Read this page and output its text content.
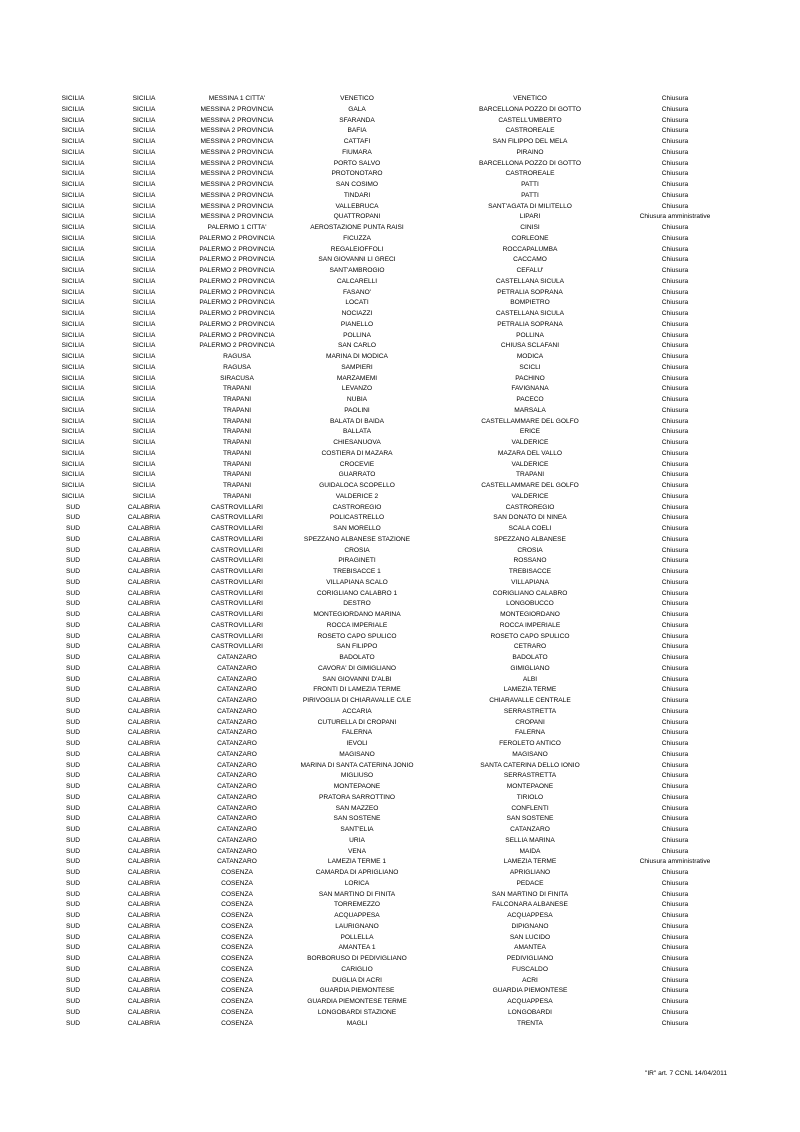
SICILIA	SICILIA	MESSINA 1 CITTA'	VENETICO	VENETICO	Chiusura
SICILIA	SICILIA	MESSINA 2 PROVINCIA	GALA	BARCELLONA POZZO DI GOTTO	Chiusura
SICILIA	SICILIA	MESSINA 2 PROVINCIA	SFARANDA	CASTELL'UMBERTO	Chiusura
SICILIA	SICILIA	MESSINA 2 PROVINCIA	BAFIA	CASTROREALE	Chiusura
SICILIA	SICILIA	MESSINA 2 PROVINCIA	CATTAFI	SAN FILIPPO DEL MELA	Chiusura
SICILIA	SICILIA	MESSINA 2 PROVINCIA	FIUMARA	PIRAINO	Chiusura
SICILIA	SICILIA	MESSINA 2 PROVINCIA	PORTO SALVO	BARCELLONA POZZO DI GOTTO	Chiusura
SICILIA	SICILIA	MESSINA 2 PROVINCIA	PROTONOTARO	CASTROREALE	Chiusura
SICILIA	SICILIA	MESSINA 2 PROVINCIA	SAN COSIMO	PATTI	Chiusura
SICILIA	SICILIA	MESSINA 2 PROVINCIA	TINDARI	PATTI	Chiusura
SICILIA	SICILIA	MESSINA 2 PROVINCIA	VALLEBRUCA	SANT'AGATA DI MILITELLO	Chiusura
SICILIA	SICILIA	MESSINA 2 PROVINCIA	QUATTROPANI	LIPARI	Chiusura amministrative
SICILIA	SICILIA	PALERMO 1 CITTA'	AEROSTAZIONE PUNTA RAISI	CINISI	Chiusura
SICILIA	SICILIA	PALERMO 2 PROVINCIA	FICUZZA	CORLEONE	Chiusura
SICILIA	SICILIA	PALERMO 2 PROVINCIA	REGALEIOFFOLI	ROCCAPALUMBA	Chiusura
SICILIA	SICILIA	PALERMO 2 PROVINCIA	SAN GIOVANNI LI GRECI	CACCAMO	Chiusura
SICILIA	SICILIA	PALERMO 2 PROVINCIA	SANT'AMBROGIO	CEFALU'	Chiusura
SICILIA	SICILIA	PALERMO 2 PROVINCIA	CALCARELLI	CASTELLANA SICULA	Chiusura
SICILIA	SICILIA	PALERMO 2 PROVINCIA	FASANO'	PETRALIA SOPRANA	Chiusura
SICILIA	SICILIA	PALERMO 2 PROVINCIA	LOCATI	BOMPIETRO	Chiusura
SICILIA	SICILIA	PALERMO 2 PROVINCIA	NOCIAZZI	CASTELLANA SICULA	Chiusura
SICILIA	SICILIA	PALERMO 2 PROVINCIA	PIANELLO	PETRALIA SOPRANA	Chiusura
SICILIA	SICILIA	PALERMO 2 PROVINCIA	POLLINA	POLLINA	Chiusura
SICILIA	SICILIA	PALERMO 2 PROVINCIA	SAN CARLO	CHIUSA SCLAFANI	Chiusura
SICILIA	SICILIA	RAGUSA	MARINA DI MODICA	MODICA	Chiusura
SICILIA	SICILIA	RAGUSA	SAMPIERI	SCICLI	Chiusura
SICILIA	SICILIA	SIRACUSA	MARZAMEMI	PACHINO	Chiusura
SICILIA	SICILIA	TRAPANI	LEVANZO	FAVIGNANA	Chiusura
SICILIA	SICILIA	TRAPANI	NUBIA	PACECO	Chiusura
SICILIA	SICILIA	TRAPANI	PAOLINI	MARSALA	Chiusura
SICILIA	SICILIA	TRAPANI	BALATA DI BAIDA	CASTELLAMMARE DEL GOLFO	Chiusura
SICILIA	SICILIA	TRAPANI	BALLATA	ERICE	Chiusura
SICILIA	SICILIA	TRAPANI	CHIESANUOVA	VALDERICE	Chiusura
SICILIA	SICILIA	TRAPANI	COSTIERA DI MAZARA	MAZARA DEL VALLO	Chiusura
SICILIA	SICILIA	TRAPANI	CROCEVIE	VALDERICE	Chiusura
SICILIA	SICILIA	TRAPANI	GUARRATO	TRAPANI	Chiusura
SICILIA	SICILIA	TRAPANI	GUIDALOCA SCOPELLO	CASTELLAMMARE DEL GOLFO	Chiusura
SICILIA	SICILIA	TRAPANI	VALDERICE 2	VALDERICE	Chiusura
SUD	CALABRIA	CASTROVILLARI	CASTROREGIO	CASTROREGIO	Chiusura
SUD	CALABRIA	CASTROVILLARI	POLICASTRELLO	SAN DONATO DI NINEA	Chiusura
SUD	CALABRIA	CASTROVILLARI	SAN MORELLO	SCALA COELI	Chiusura
SUD	CALABRIA	CASTROVILLARI	SPEZZANO ALBANESE STAZIONE	SPEZZANO ALBANESE	Chiusura
SUD	CALABRIA	CASTROVILLARI	CROSIA	CROSIA	Chiusura
SUD	CALABRIA	CASTROVILLARI	PIRAGINETI	ROSSANO	Chiusura
SUD	CALABRIA	CASTROVILLARI	TREBISACCE 1	TREBISACCE	Chiusura
SUD	CALABRIA	CASTROVILLARI	VILLAPIANA SCALO	VILLAPIANA	Chiusura
SUD	CALABRIA	CASTROVILLARI	CORIGLIANO CALABRO 1	CORIGLIANO CALABRO	Chiusura
SUD	CALABRIA	CASTROVILLARI	DESTRO	LONGOBUCCO	Chiusura
SUD	CALABRIA	CASTROVILLARI	MONTEGIORDANO MARINA	MONTEGIORDANO	Chiusura
SUD	CALABRIA	CASTROVILLARI	ROCCA IMPERIALE	ROCCA IMPERIALE	Chiusura
SUD	CALABRIA	CASTROVILLARI	ROSETO CAPO SPULICO	ROSETO CAPO SPULICO	Chiusura
SUD	CALABRIA	CASTROVILLARI	SAN FILIPPO	CETRARO	Chiusura
SUD	CALABRIA	CATANZARO	BADOLATO	BADOLATO	Chiusura
SUD	CALABRIA	CATANZARO	CAVORA' DI GIMIGLIANO	GIMIGLIANO	Chiusura
SUD	CALABRIA	CATANZARO	SAN GIOVANNI D'ALBI	ALBI	Chiusura
SUD	CALABRIA	CATANZARO	FRONTI DI LAMEZIA TERME	LAMEZIA TERME	Chiusura
SUD	CALABRIA	CATANZARO	PIRIVOGLIA DI CHIARAVALLE C/LE	CHIARAVALLE CENTRALE	Chiusura
SUD	CALABRIA	CATANZARO	ACCARIA	SERRASTRETTA	Chiusura
SUD	CALABRIA	CATANZARO	CUTURELLA DI CROPANI	CROPANI	Chiusura
SUD	CALABRIA	CATANZARO	FALERNA	FALERNA	Chiusura
SUD	CALABRIA	CATANZARO	IEVOLI	FEROLETO ANTICO	Chiusura
SUD	CALABRIA	CATANZARO	MAGISANO	MAGISANO	Chiusura
SUD	CALABRIA	CATANZARO	MARINA DI SANTA CATERINA JONIO	SANTA CATERINA DELLO IONIO	Chiusura
SUD	CALABRIA	CATANZARO	MIGLIUSO	SERRASTRETTA	Chiusura
SUD	CALABRIA	CATANZARO	MONTEPAONE	MONTEPAONE	Chiusura
SUD	CALABRIA	CATANZARO	PRATORA SARROTTINO	TIRIOLO	Chiusura
SUD	CALABRIA	CATANZARO	SAN MAZZEO	CONFLENTI	Chiusura
SUD	CALABRIA	CATANZARO	SAN SOSTENE	SAN SOSTENE	Chiusura
SUD	CALABRIA	CATANZARO	SANT'ELIA	CATANZARO	Chiusura
SUD	CALABRIA	CATANZARO	URIA	SELLIA MARINA	Chiusura
SUD	CALABRIA	CATANZARO	VENA	MAIDA	Chiusura
SUD	CALABRIA	CATANZARO	LAMEZIA TERME 1	LAMEZIA TERME	Chiusura amministrative
SUD	CALABRIA	COSENZA	CAMARDA DI APRIGLIANO	APRIGLIANO	Chiusura
SUD	CALABRIA	COSENZA	LORICA	PEDACE	Chiusura
SUD	CALABRIA	COSENZA	SAN MARTINO DI FINITA	SAN MARTINO DI FINITA	Chiusura
SUD	CALABRIA	COSENZA	TORREMEZZO	FALCONARA ALBANESE	Chiusura
SUD	CALABRIA	COSENZA	ACQUAPPESA	ACQUAPPESA	Chiusura
SUD	CALABRIA	COSENZA	LAURIGNANO	DIPIGNANO	Chiusura
SUD	CALABRIA	COSENZA	POLLELLA	SAN LUCIDO	Chiusura
SUD	CALABRIA	COSENZA	AMANTEA 1	AMANTEA	Chiusura
SUD	CALABRIA	COSENZA	BORBORUSO DI PEDIVIGLIANO	PEDIVIGLIANO	Chiusura
SUD	CALABRIA	COSENZA	CARIGLIO	FUSCALDO	Chiusura
SUD	CALABRIA	COSENZA	DUGLIA DI ACRI	ACRI	Chiusura
SUD	CALABRIA	COSENZA	GUARDIA PIEMONTESE	GUARDIA PIEMONTESE	Chiusura
SUD	CALABRIA	COSENZA	GUARDIA PIEMONTESE TERME	ACQUAPPESA	Chiusura
SUD	CALABRIA	COSENZA	LONGOBARDI STAZIONE	LONGOBARDI	Chiusura
SUD	CALABRIA	COSENZA	MAGLI	TRENTA	Chiusura
"IR" art. 7 CCNL 14/04/2011
